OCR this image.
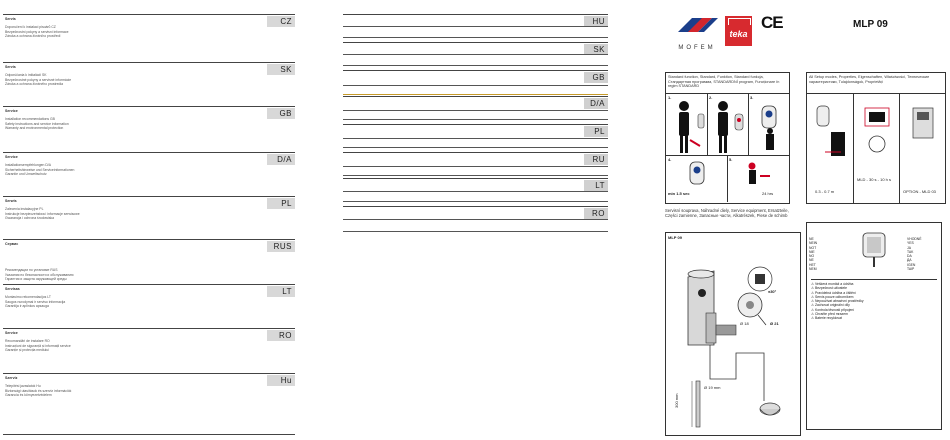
CZ
Servis
Doporučení k instalaci pisoárů CZ
Bezpečnostní pokyny a servisní informace
Záruka a ochrana životního prostředí
SK
Servis
Odporúčania k inštalácii SK
Bezpečnostné pokyny a servisné informácie
Záruka a ochrana životného prostredia
GB
Service
Installation recommendations GB
Safety instructions and service information
Warranty and environmental protection
D/A
Service
Installationsempfehlungen D/A
Sicherheitshinweise und Serviceinformationen
Garantie und Umweltschutz
PL
Serwis
Zalecenia instalacyjne PL
Instrukcje bezpieczeństwa i informacje serwisowe
Gwarancja i ochrona środowiska
RUS
Сервис
Рекомендации по установке RUS
Указания по безопасности и обслуживанию
Гарантия и защита окружающей среды
LT
Servisas
Montavimo rekomendacijos LT
Saugos nurodymai ir serviso informacija
Garantija ir aplinkos apsauga
RO
Service
Recomandări de instalare RO
Instrucțiuni de siguranță și informații service
Garanție și protecția mediului
Hu
Szerviz
Telepítési javaslatok Hu
Biztonsági utasítások és szerviz információk
Garancia és környezetvédelem
HU
SK
GB
D/A
PL
RU
LT
RO
MOFEM
teka
CE	MLP 09
Standard function, Standard, Funktion, Standard funkcja, Стандартная программа, STANDARDNÍ program, Funcționare în regim STANDARD
1.	2.	3.
4.	5.
min 1.5 sec	24 hrs
All Setup modes, Properties, Eigenschaften, Właściwości, Технические характеристики, Tulajdonságok, Proprietăți
0.3 - 0.7 m
MLD - 30 s - 10 h s
OPTION - MLD 03
Servisní souprava, Náhradné diely, Service equipment, Ersatzteile, Części zamienne, Запасные части, Alkatrészek, Piese de schimb
MLP 09
±30°
Ø 21
Ø 18
Ø 19 mm
300 mm
NE
NEIN
NOT
NIE
NO
NE
HET
NEM
VHODNÉ
YES
JA
TAK
DA
ДА
IGEN
TAIP
⚠ Veškerá montáž a údržba
⚠ Bezpečnost uživatele
⚠ Pravidelná údržba a čištění
⚠ Servis pouze odborníkem
⚠ Nepoužívat abrazivní prostředky
⚠ Zachovat originální díly
⚠ Kontrola těsnosti připojení
⚠ Chraňte před mrazem
⚠ Baterie recyklovat
